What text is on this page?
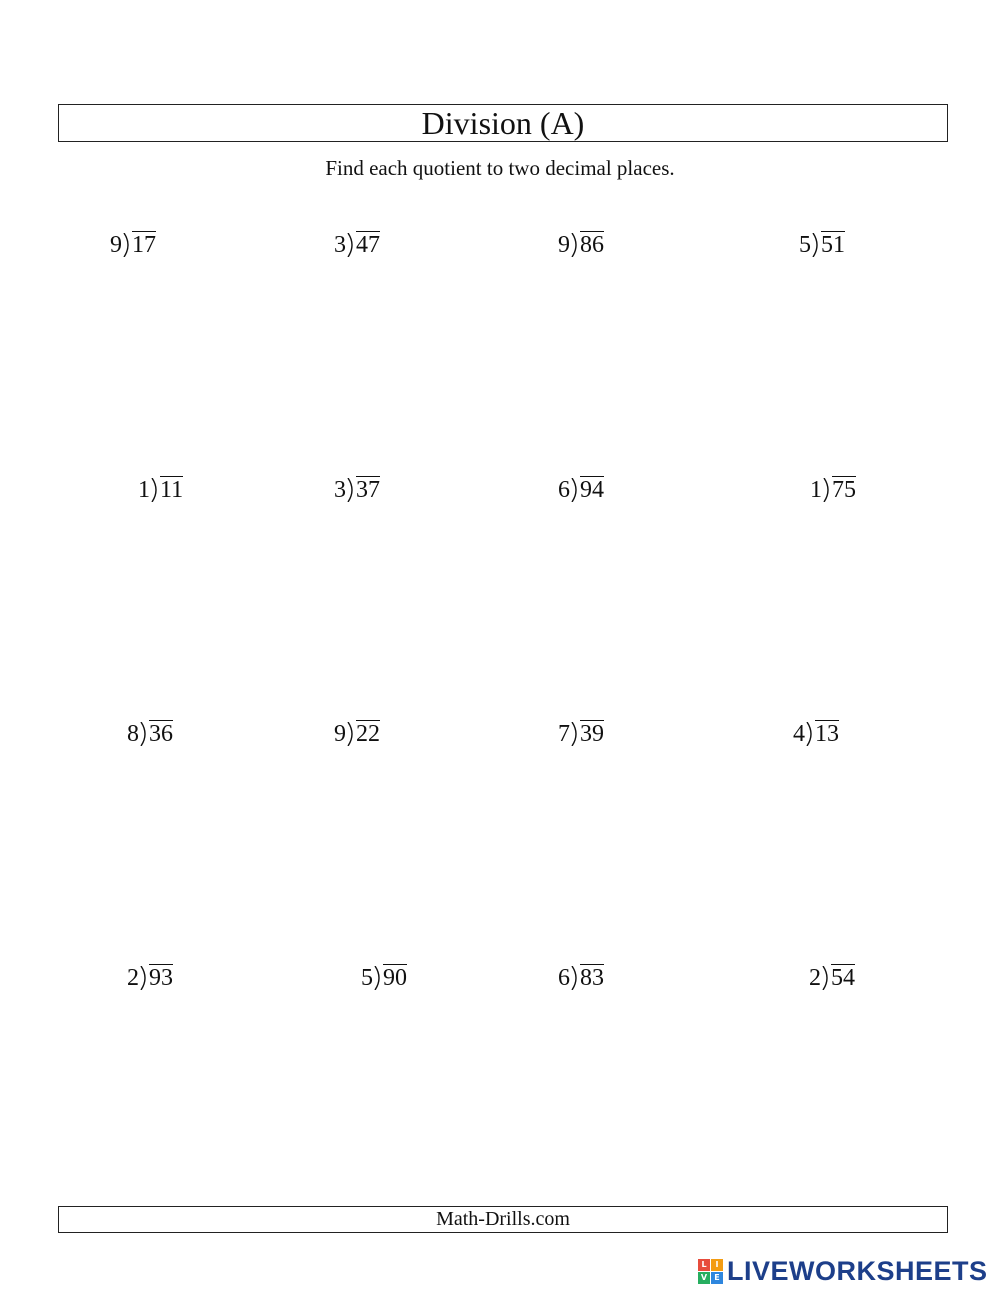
Division (A)
Find each quotient to two decimal places.
9 17	3 47	9 86	5 51
1 11	3 37	6 94	1 75
8 36	9 22	7 39	4 13
2 93	5 90	6 83	2 54
Math-Drills.com
L	I
V E LIVEWORKSHEETS
